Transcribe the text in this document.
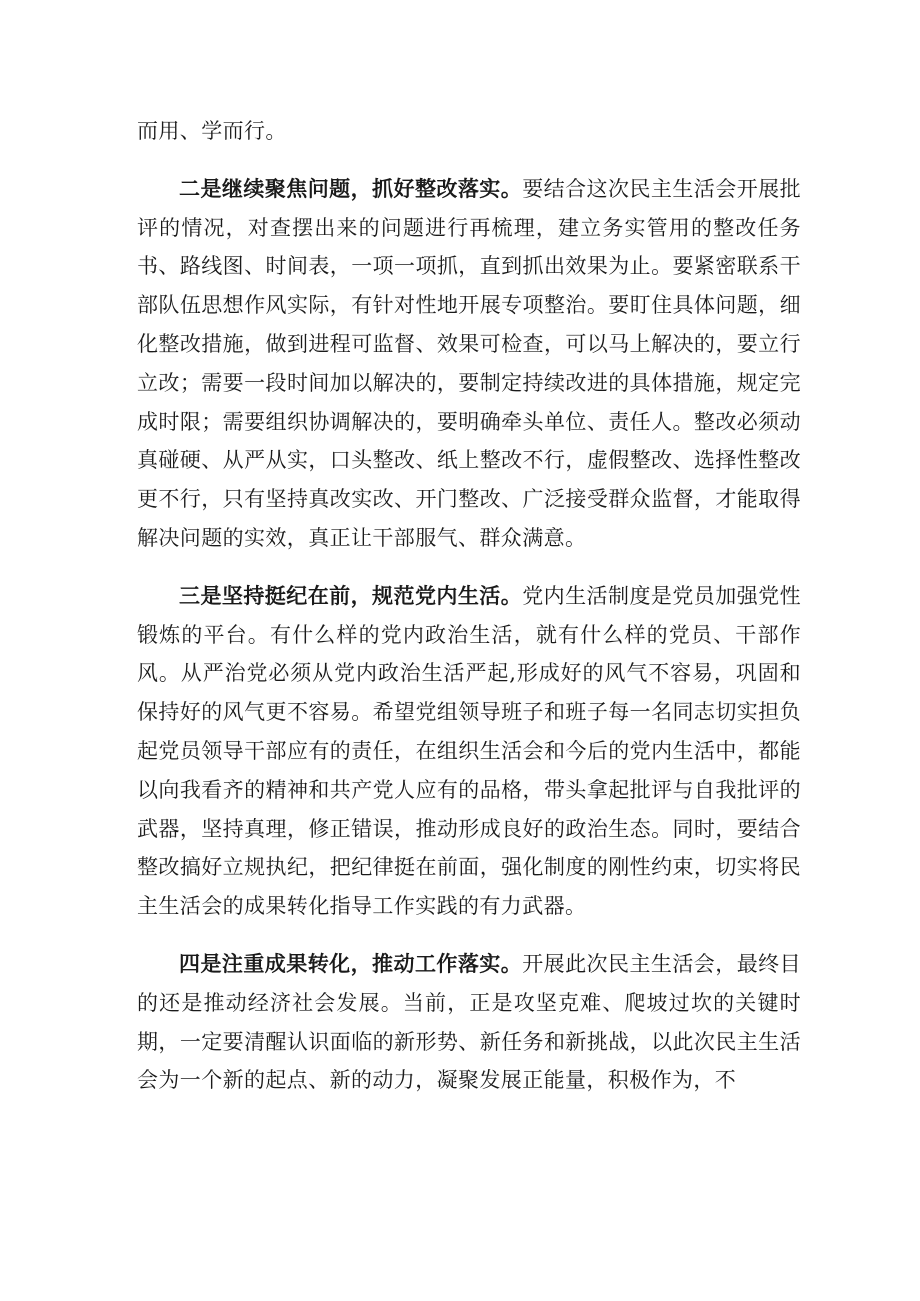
而用、学而行。

二是继续聚焦问题，抓好整改落实。要结合这次民主生活会开展批评的情况，对查摆出来的问题进行再梳理，建立务实管用的整改任务书、路线图、时间表，一项一项抓，直到抓出效果为止。要紧密联系干部队伍思想作风实际，有针对性地开展专项整治。要盯住具体问题，细化整改措施，做到进程可监督、效果可检查，可以马上解决的，要立行立改；需要一段时间加以解决的，要制定持续改进的具体措施，规定完成时限；需要组织协调解决的，要明确牵头单位、责任人。整改必须动真碰硬、从严从实，口头整改、纸上整改不行，虚假整改、选择性整改更不行，只有坚持真改实改、开门整改、广泛接受群众监督，才能取得解决问题的实效，真正让干部服气、群众满意。

三是坚持挺纪在前，规范党内生活。党内生活制度是党员加强党性锻炼的平台。有什么样的党内政治生活，就有什么样的党员、干部作风。从严治党必须从党内政治生活严起,形成好的风气不容易，巩固和保持好的风气更不容易。希望党组领导班子和班子每一名同志切实担负起党员领导干部应有的责任，在组织生活会和今后的党内生活中，都能以向我看齐的精神和共产党人应有的品格，带头拿起批评与自我批评的武器，坚持真理，修正错误，推动形成良好的政治生态。同时，要结合整改搞好立规执纪，把纪律挺在前面，强化制度的刚性约束，切实将民主生活会的成果转化指导工作实践的有力武器。

四是注重成果转化，推动工作落实。开展此次民主生活会，最终目的还是推动经济社会发展。当前，正是攻坚克难、爬坡过坎的关键时期，一定要清醒认识面临的新形势、新任务和新挑战，以此次民主生活会为一个新的起点、新的动力，凝聚发展正能量，积极作为，不
